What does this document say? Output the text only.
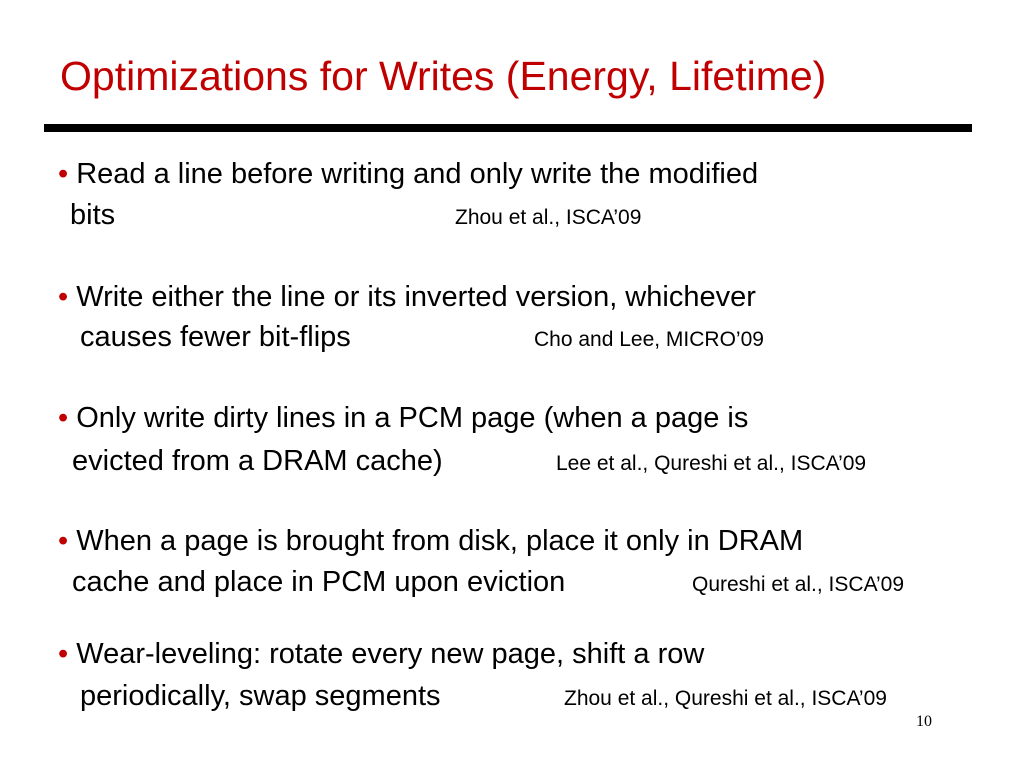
Optimizations for Writes (Energy, Lifetime)
• Read a line before writing and only write the modified
bits	Zhou et al., ISCA’09
• Write either the line or its inverted version, whichever
causes fewer bit-flips	Cho and Lee, MICRO’09
• Only write dirty lines in a PCM page (when a page is
evicted from a DRAM cache)	Lee et al., Qureshi et al., ISCA’09
• When a page is brought from disk, place it only in DRAM
cache and place in PCM upon eviction	Qureshi et al., ISCA’09
• Wear-leveling: rotate every new page, shift a row
periodically, swap segments	Zhou et al., Qureshi et al., ISCA’09
10
